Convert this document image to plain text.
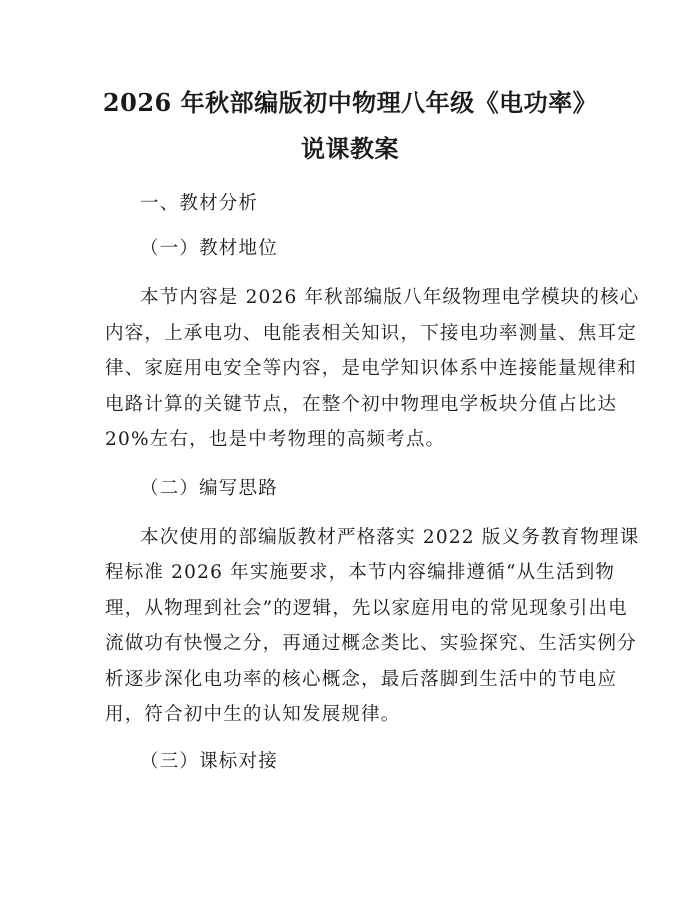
2026 年秋部编版初中物理八年级《电功率》
说课教案
一、教材分析
（一）教材地位
本节内容是 2026 年秋部编版八年级物理电学模块的核心
内容，上承电功、电能表相关知识，下接电功率测量、焦耳定
律、家庭用电安全等内容，是电学知识体系中连接能量规律和
电路计算的关键节点，在整个初中物理电学板块分值占比达
20%左右，也是中考物理的高频考点。
（二）编写思路
本次使用的部编版教材严格落实 2022 版义务教育物理课
程标准 2026 年实施要求，本节内容编排遵循“从生活到物
理，从物理到社会”的逻辑，先以家庭用电的常见现象引出电
流做功有快慢之分，再通过概念类比、实验探究、生活实例分
析逐步深化电功率的核心概念，最后落脚到生活中的节电应
用，符合初中生的认知发展规律。
（三）课标对接
